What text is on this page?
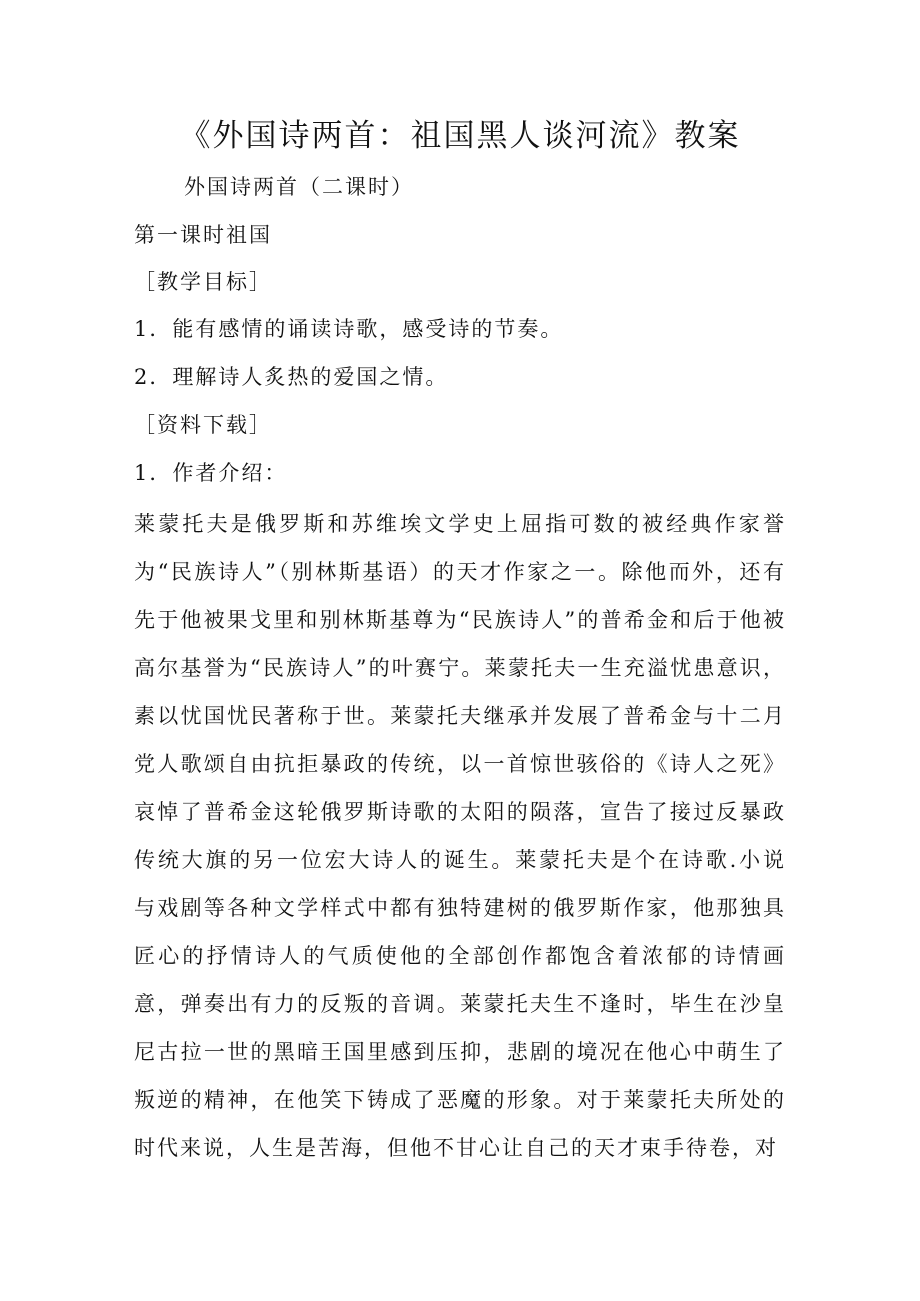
《外国诗两首：祖国黑人谈河流》教案
外国诗两首（二课时）
第一课时祖国
［教学目标］
1．能有感情的诵读诗歌，感受诗的节奏。
2．理解诗人炙热的爱国之情。
［资料下载］
1．作者介绍：

莱蒙托夫是俄罗斯和苏维埃文学史上屈指可数的被经典作家誉为“民族诗人”（别林斯基语）的天才作家之一。除他而外，还有先于他被果戈里和别林斯基尊为“民族诗人”的普希金和后于他被高尔基誉为“民族诗人”的叶赛宁。莱蒙托夫一生充溢忧患意识，素以忧国忧民著称于世。莱蒙托夫继承并发展了普希金与十二月党人歌颂自由抗拒暴政的传统，以一首惊世骇俗的《诗人之死》哀悼了普希金这轮俄罗斯诗歌的太阳的陨落，宣告了接过反暴政传统大旗的另一位宏大诗人的诞生。莱蒙托夫是个在诗歌.小说与戏剧等各种文学样式中都有独特建树的俄罗斯作家，他那独具匠心的抒情诗人的气质使他的全部创作都饱含着浓郁的诗情画意，弹奏出有力的反叛的音调。莱蒙托夫生不逢时，毕生在沙皇尼古拉一世的黑暗王国里感到压抑，悲剧的境况在他心中萌生了叛逆的精神，在他笑下铸成了恶魔的形象。对于莱蒙托夫所处的时代来说，人生是苦海，但他不甘心让自己的天才束手待卷，对
